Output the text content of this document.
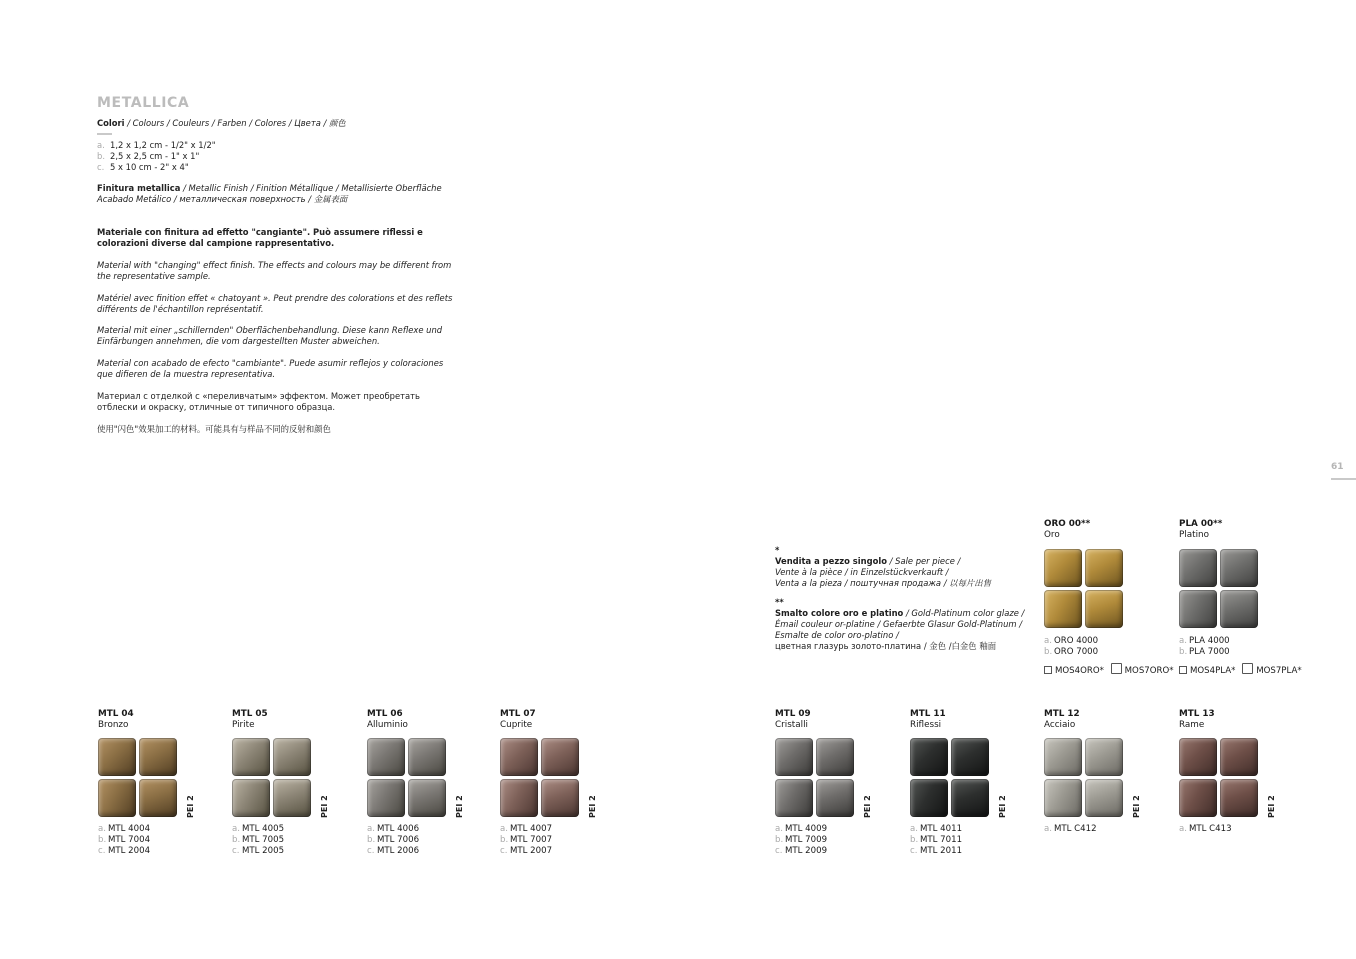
METALLICA
Colori / Colours / Couleurs / Farben / Colores / Цвета / 颜色
a. 1,2 x 1,2 cm - 1/2" x 1/2"
b. 2,5 x 2,5 cm - 1" x 1"
c. 5 x 10 cm - 2" x 4"
Finitura metallica / Metallic Finish / Finition Métallique / Metallisierte Oberfläche
Acabado Metálico / металлическая поверхность / 金属表面
Materiale con finitura ad effetto "cangiante". Può assumere riflessi e colorazioni diverse dal campione rappresentativo.
Material with "changing" effect finish. The effects and colours may be different from the representative sample.
Matériel avec finition effet « chatoyant ». Peut prendre des colorations et des reflets différents de l'échantillon représentatif.
Material mit einer „schillernden" Oberflächenbehandlung. Diese kann Reflexe und Einfärbungen annehmen, die vom dargestellten Muster abweichen.
Material con acabado de efecto "cambiante". Puede asumir reflejos y coloraciones que difieren de la muestra representativa.
Материал с отделкой с «переливчатым» эффектом. Может преобретать отблески и окраску, отличные от типичного образца.
使用"闪色"效果加工的材料。可能具有与样品不同的反射和颜色
61
*
Vendita a pezzo singolo / Sale per piece /
Vente à la pièce / in Einzelstückverkauft /
Venta a la pieza / поштучная продажа / 以每片出售
**
Smalto colore oro e platino / Gold-Platinum color glaze /
Émail couleur or-platine / Gefaerbte Glasur Gold-Platinum /
Esmalte de color oro-platino /
цветная глазурь золото-платина / 金色 /白金色 釉面
ORO 00**
Oro
a. ORO 4000
b. ORO 7000
MOS4ORO* MOS7ORO*
PLA 00**
Platino
a. PLA 4000
b. PLA 7000
MOS4PLA* MOS7PLA*
MTL 04
Bronzo
PEI 2
a. MTL 4004
b. MTL 7004
c. MTL 2004
MTL 05
Pirite
PEI 2
a. MTL 4005
b. MTL 7005
c. MTL 2005
MTL 06
Alluminio
PEI 2
a. MTL 4006
b. MTL 7006
c. MTL 2006
MTL 07
Cuprite
PEI 2
a. MTL 4007
b. MTL 7007
c. MTL 2007
MTL 09
Cristalli
PEI 2
a. MTL 4009
b. MTL 7009
c. MTL 2009
MTL 11
Riflessi
PEI 2
a. MTL 4011
b. MTL 7011
c. MTL 2011
MTL 12
Acciaio
PEI 2
a. MTL C412
MTL 13
Rame
PEI 2
a. MTL C413
